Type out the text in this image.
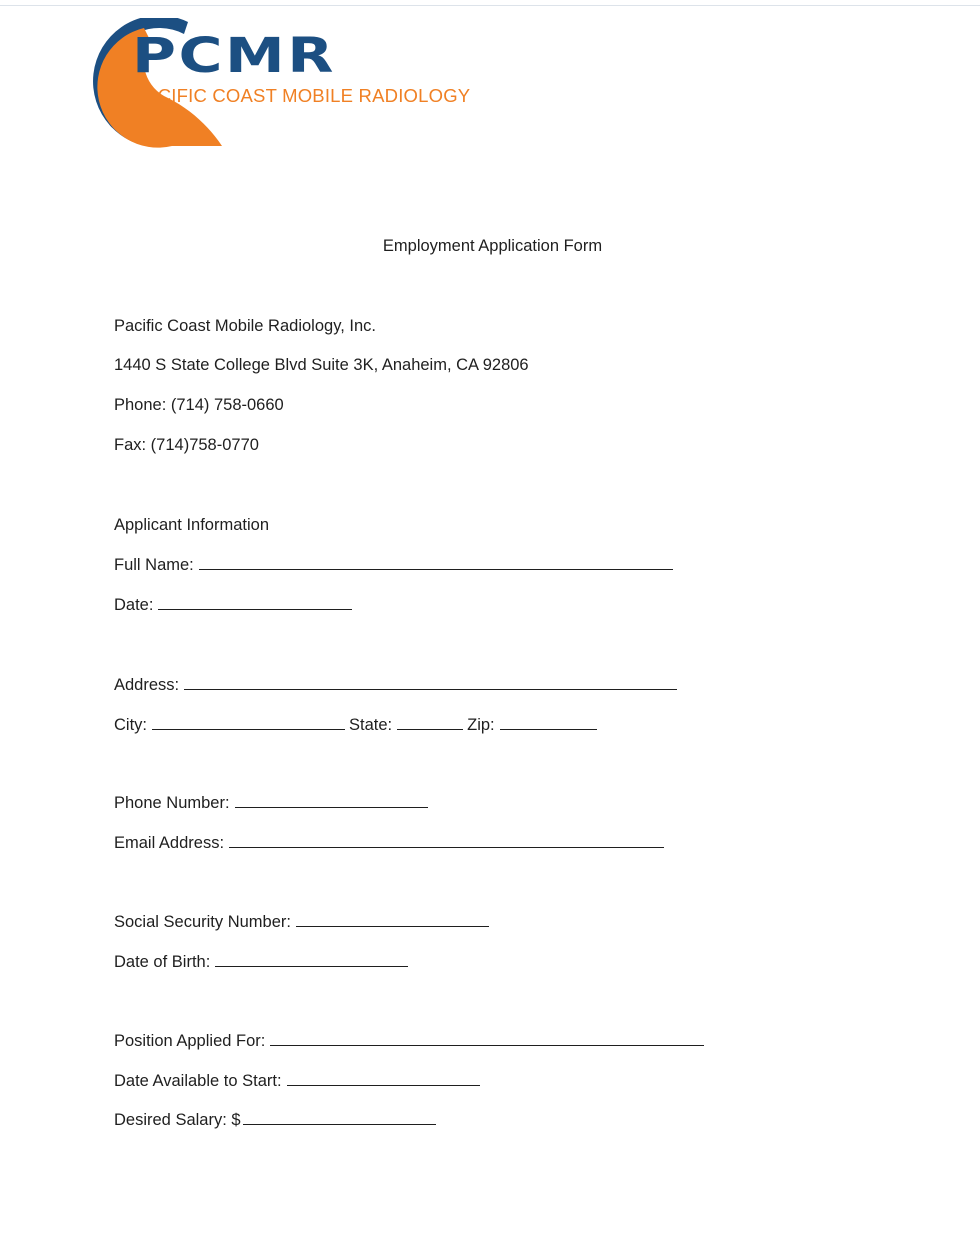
PCMR
PACIFIC COAST MOBILE RADIOLOGY
Employment Application Form
Pacific Coast Mobile Radiology, Inc.
1440 S State College Blvd Suite 3K, Anaheim, CA 92806
Phone: (714) 758-0660
Fax: (714)758-0770
Applicant Information
Full Name:
Date:
Address:
City:	State:	Zip:
Phone Number:
Email Address:
Social Security Number:
Date of Birth:
Position Applied For:
Date Available to Start:
Desired Salary: $
